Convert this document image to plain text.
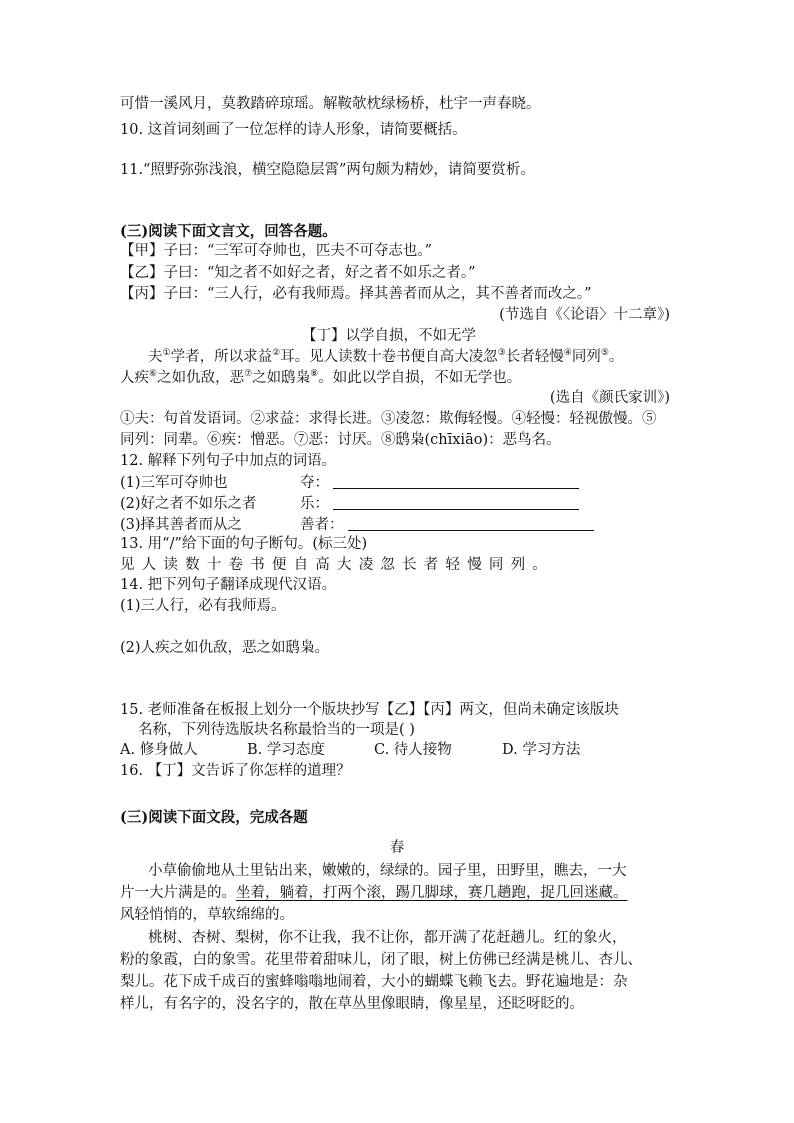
可惜一溪风月，莫教踏碎琼瑶。解鞍欹枕绿杨桥，杜宇一声春晓。
10. 这首词刻画了一位怎样的诗人形象，请简要概括。
11.“照野弥弥浅浪，横空隐隐层霄”两句颇为精妙，请简要赏析。
(三)阅读下面文言文，回答各题。
【甲】子曰：“三军可夺帅也，匹夫不可夺志也。”
【乙】子曰：“知之者不如好之者，好之者不如乐之者。”
【丙】子曰：“三人行，必有我师焉。择其善者而从之，其不善者而改之。”
(节选自《〈论语〉十二章》)
【丁】以学自损，不如无学
夫①学者，所以求益②耳。见人读数十卷书便自高大凌忽③长者轻慢④同列⑤。
人疾⑥之如仇敌，恶⑦之如鸱枭⑧。如此以学自损，不如无学也。
(选自《颜氏家训》)
①夫：句首发语词。②求益：求得长进。③凌忽：欺侮轻慢。④轻慢：轻视傲慢。⑤
同列：同辈。⑥疾：憎恶。⑦恶：讨厌。⑧鸱枭(chīxiāo)：恶鸟名。
12. 解释下列句子中加点的词语。
(1)三军可夺帅也	夺：
(2)好之者不如乐之者	乐：
(3)择其善者而从之	善者：
13. 用“/”给下面的句子断句。(标三处)
见人读数十卷书便自高大凌忽长者轻慢同列。
14. 把下列句子翻译成现代汉语。
(1)三人行，必有我师焉。
(2)人疾之如仇敌，恶之如鸱枭。
15. 老师准备在板报上划分一个版块抄写【乙】【丙】两文，但尚未确定该版块
名称，下列待选版块名称最恰当的一项是( )
A. 修身做人	B. 学习态度	C. 待人接物	D. 学习方法
16. 【丁】文告诉了你怎样的道理？
(三)阅读下面文段，完成各题
春
小草偷偷地从土里钻出来，嫩嫩的，绿绿的。园子里，田野里，瞧去，一大
片一大片满是的。坐着，躺着，打两个滚，踢几脚球，赛几趟跑，捉几回迷藏。
风轻悄悄的，草软绵绵的。
桃树、杏树、梨树，你不让我，我不让你，都开满了花赶趟儿。红的象火，
粉的象霞，白的象雪。花里带着甜味儿，闭了眼，树上仿佛已经满是桃儿、杏儿、
梨儿。花下成千成百的蜜蜂嗡嗡地闹着，大小的蝴蝶飞赖飞去。野花遍地是：杂
样儿，有名字的，没名字的，散在草丛里像眼睛，像星星，还眨呀眨的。
